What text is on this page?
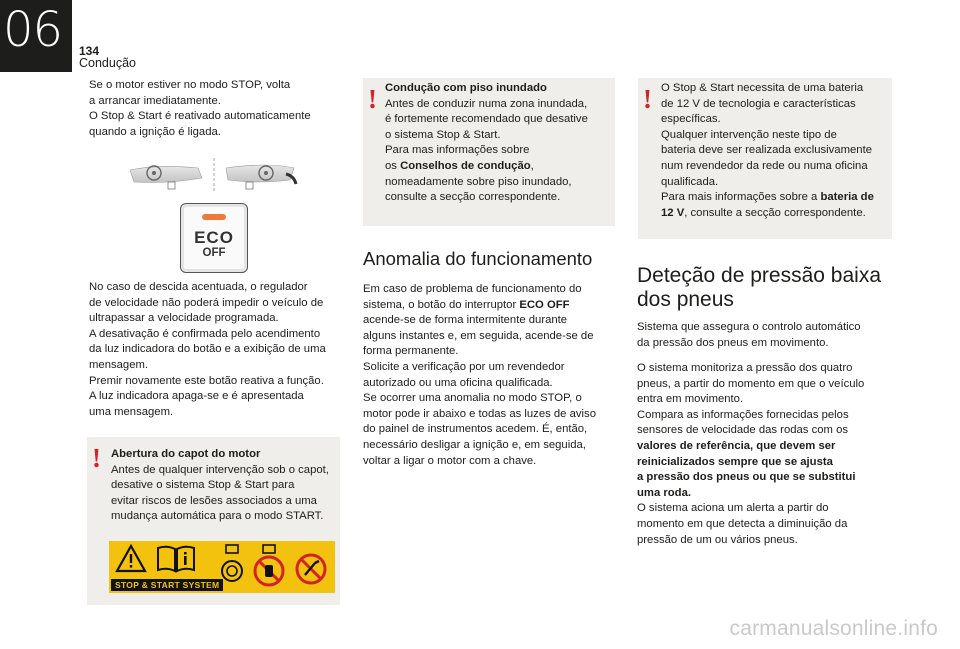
06 134
Condução

Se o motor estiver no modo STOP, volta

a arrancar imediatamente.

O Stop & Start é reativado automaticamente

quando a ignição é ligada.

ECO
OFF

No caso de descida acentuada, o regulador

de velocidade não poderá impedir o veículo de

ultrapassar a velocidade programada.

A desativação é confirmada pelo acendimento

da luz indicadora do botão e a exibição de uma

mensagem.

Premir novamente este botão reativa a função.

A luz indicadora apaga-se e é apresentada

uma mensagem.

! Abertura do capot do motor

Antes de qualquer intervenção sob o capot,

desative o sistema Stop & Start para

evitar riscos de lesões associados a uma

mudança automática para o modo START.

STOP & START SYSTEM
! Condução com piso inundado

Antes de conduzir numa zona inundada,

é fortemente recomendado que desative

o sistema Stop & Start.

Para mas informações sobre

os Conselhos de condução,

nomeadamente sobre piso inundado,

consulte a secção correspondente.

Anomalia do funcionamento

Em caso de problema de funcionamento do

sistema, o botão do interruptor ECO OFF

acende-se de forma intermitente durante

alguns instantes e, em seguida, acende-se de

forma permanente.

Solicite a verificação por um revendedor

autorizado ou uma oficina qualificada.

Se ocorrer uma anomalia no modo STOP, o

motor pode ir abaixo e todas as luzes de aviso

do painel de instrumentos acedem. É, então,

necessário desligar a ignição e, em seguida,

voltar a ligar o motor com a chave.

! O Stop & Start necessita de uma bateria

de 12 V de tecnologia e características

específicas.

Qualquer intervenção neste tipo de

bateria deve ser realizada exclusivamente

num revendedor da rede ou numa oficina

qualificada.

Para mais informações sobre a bateria de

12 V, consulte a secção correspondente.

Deteção de pressão baixa
dos pneus

Sistema que assegura o controlo automático

da pressão dos pneus em movimento.

O sistema monitoriza a pressão dos quatro

pneus, a partir do momento em que o veículo

entra em movimento.

Compara as informações fornecidas pelos

sensores de velocidade das rodas com os

valores de referência, que devem ser

reinicializados sempre que se ajusta

a pressão dos pneus ou que se substitui

uma roda.

O sistema aciona um alerta a partir do

momento em que detecta a diminuição da

pressão de um ou vários pneus.

carmanualsonline.info
